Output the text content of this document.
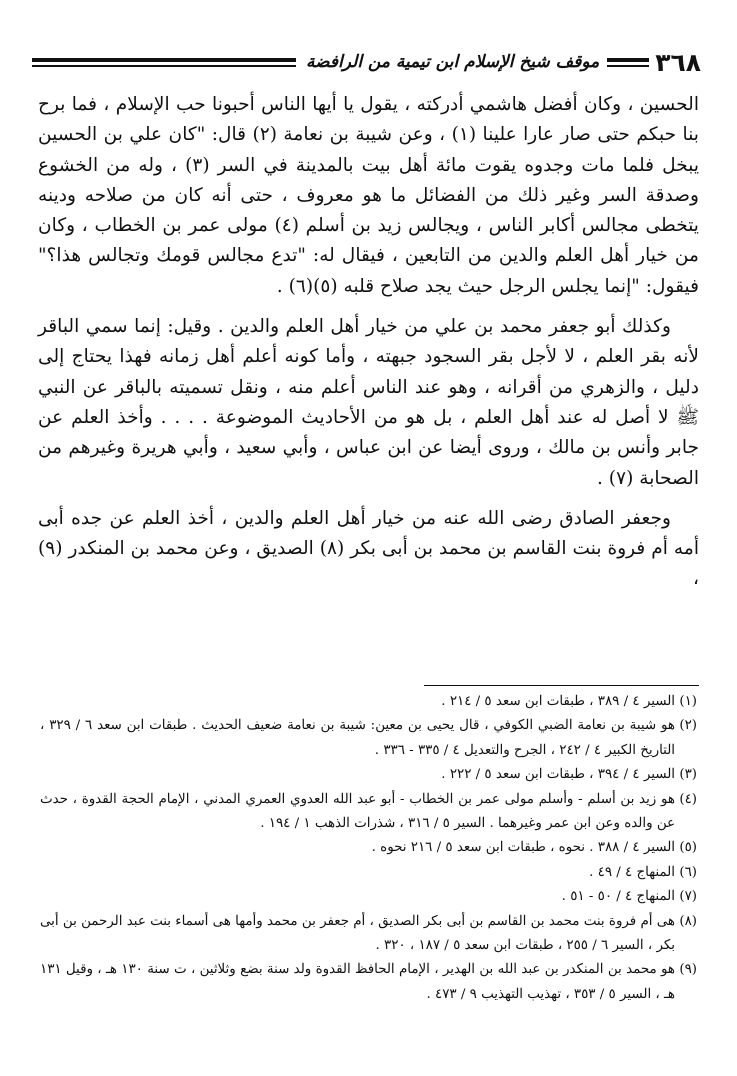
٣٦٨
موقف شيخ الإسلام ابن تيمية من الرافضة

الحسين ، وكان أفضل هاشمي أدركته ، يقول يا أيها الناس أحبونا حب الإسلام ، فما برح بنا حبكم حتى صار عارا علينا (١) ، وعن شيبة بن نعامة (٢) قال: "كان علي بن الحسين يبخل فلما مات وجدوه يقوت مائة أهل بيت بالمدينة في السر (٣) ، وله من الخشوع وصدقة السر وغير ذلك من الفضائل ما هو معروف ، حتى أنه كان من صلاحه ودينه يتخطى مجالس أكابر الناس ، ويجالس زيد بن أسلم (٤) مولى عمر بن الخطاب ، وكان من خيار أهل العلم والدين من التابعين ، فيقال له: "تدع مجالس قومك وتجالس هذا؟" فيقول: "إنما يجلس الرجل حيث يجد صلاح قلبه (٥)(٦) .

وكذلك أبو جعفر محمد بن علي من خيار أهل العلم والدين . وقيل: إنما سمي الباقر لأنه بقر العلم ، لا لأجل بقر السجود جبهته ، وأما كونه أعلم أهل زمانه فهذا يحتاج إلى دليل ، والزهري من أقرانه ، وهو عند الناس أعلم منه ، ونقل تسميته بالباقر عن النبي ﷺ لا أصل له عند أهل العلم ، بل هو من الأحاديث الموضوعة . . . . وأخذ العلم عن جابر وأنس بن مالك ، وروى أيضا عن ابن عباس ، وأبي سعيد ، وأبي هريرة وغيرهم من الصحابة (٧) .

وجعفر الصادق رضى الله عنه من خيار أهل العلم والدين ، أخذ العلم عن جده أبى أمه أم فروة بنت القاسم بن محمد بن أبى بكر (٨) الصديق ، وعن محمد بن المنكدر (٩) ،

(١)
السير ٤ / ٣٨٩ ، طبقات ابن سعد ٥ / ٢١٤ .
(٢)
هو شيبة بن نعامة الضبي الكوفي ، قال يحيى بن معين: شيبة بن نعامة ضعيف الحديث . طبقات ابن سعد ٦ / ٣٢٩ ، التاريخ الكبير ٤ / ٢٤٢ ، الجرح والتعديل ٤ / ٣٣٥ - ٣٣٦ .
(٣)
السير ٤ / ٣٩٤ ، طبقات ابن سعد ٥ / ٢٢٢ .
(٤)
هو زيد بن أسلم - وأسلم مولى عمر بن الخطاب - أبو عبد الله العدوي العمري المدني ، الإمام الحجة القدوة ، حدث عن والده وعن ابن عمر وغيرهما . السير ٥ / ٣١٦ ، شذرات الذهب ١ / ١٩٤ .
(٥)
السير ٤ / ٣٨٨ . نحوه ، طبقات ابن سعد ٥ / ٢١٦ نحوه .
(٦)
المنهاج ٤ / ٤٩ .
(٧)
المنهاج ٤ / ٥٠ - ٥١ .
(٨)
هى أم فروة بنت محمد بن القاسم بن أبى بكر الصديق ، أم جعفر بن محمد وأمها هى أسماء بنت عبد الرحمن بن أبى بكر ، السير ٦ / ٢٥٥ ، طبقات ابن سعد ٥ / ١٨٧ ، ٣٢٠ .
(٩)
هو محمد بن المنكدر بن عبد الله بن الهدير ، الإمام الحافظ القدوة ولد سنة بضع وثلاثين ، ت سنة ١٣٠ هـ ، وقيل ١٣١ هـ ، السير ٥ / ٣٥٣ ، تهذيب التهذيب ٩ / ٤٧٣ .
